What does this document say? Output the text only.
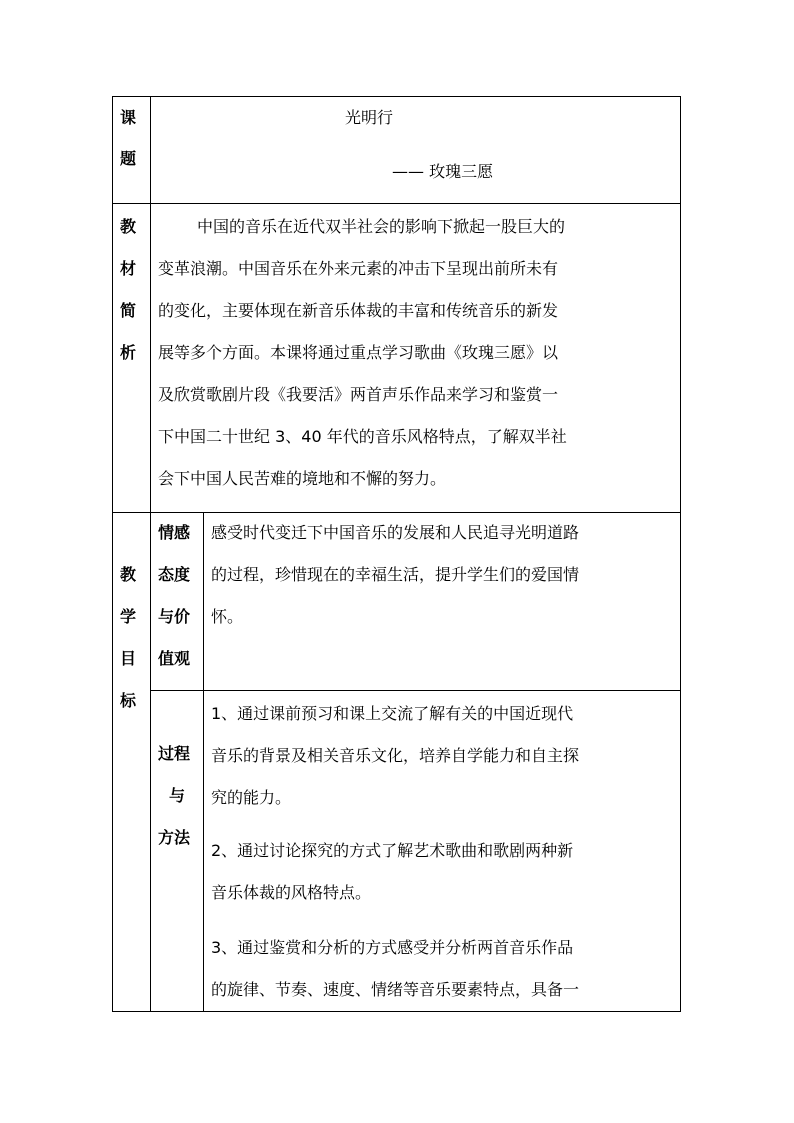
课
题
光明行
—— 玫瑰三愿
教
材
简
析
中国的音乐在近代双半社会的影响下掀起一股巨大的
变革浪潮。中国音乐在外来元素的冲击下呈现出前所未有
的变化，主要体现在新音乐体裁的丰富和传统音乐的新发
展等多个方面。本课将通过重点学习歌曲《玫瑰三愿》以
及欣赏歌剧片段《我要活》两首声乐作品来学习和鉴赏一
下中国二十世纪 3、40 年代的音乐风格特点，了解双半社
会下中国人民苦难的境地和不懈的努力。
教
学
目
标
情感
态度
与价
值观
感受时代变迁下中国音乐的发展和人民追寻光明道路
的过程，珍惜现在的幸福生活，提升学生们的爱国情
怀。
过程
与
方法
1、通过课前预习和课上交流了解有关的中国近现代
音乐的背景及相关音乐文化，培养自学能力和自主探
究的能力。
2、通过讨论探究的方式了解艺术歌曲和歌剧两种新
音乐体裁的风格特点。
3、通过鉴赏和分析的方式感受并分析两首音乐作品
的旋律、节奏、速度、情绪等音乐要素特点，具备一
